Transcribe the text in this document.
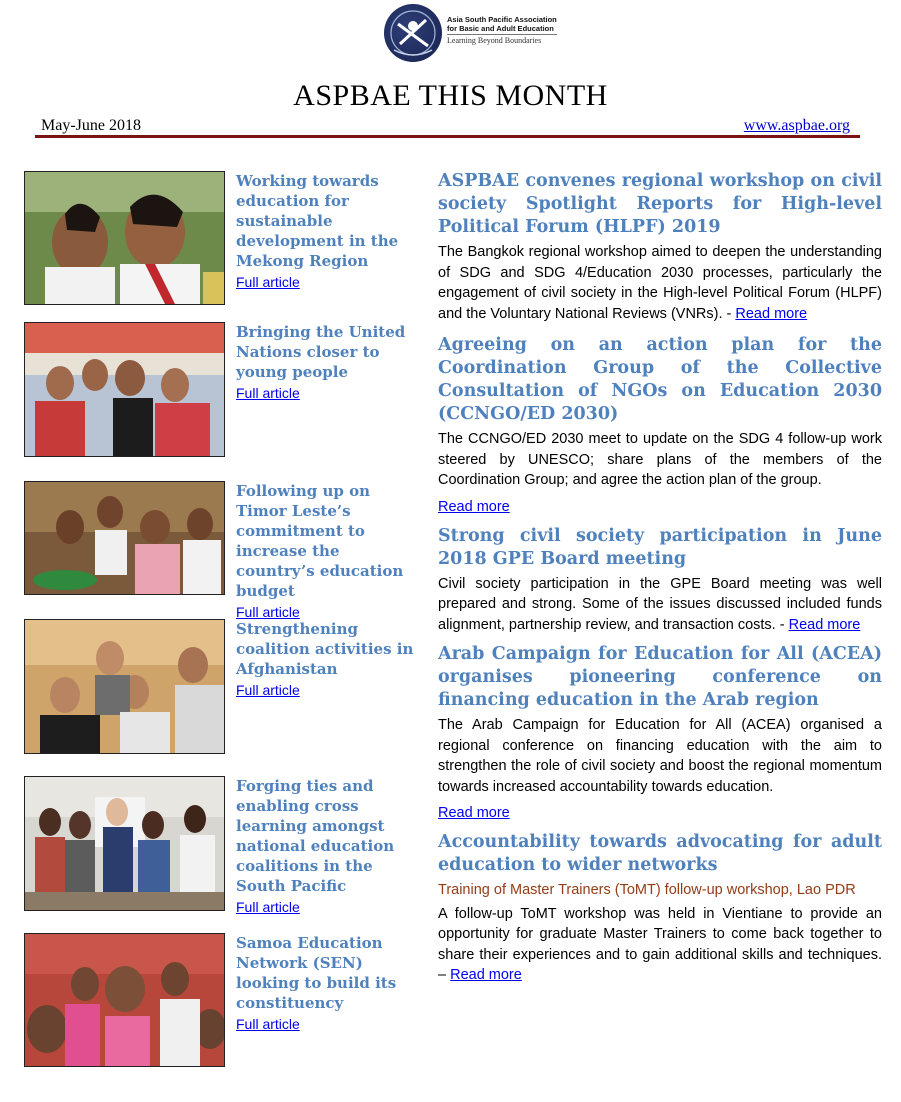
Asia South Pacific Association
for Basic and Adult Education
Learning Beyond Boundaries
ASPBAE THIS MONTH
May-June 2018	www.aspbae.org
Working towards education for sustainable development in the Mekong Region
Full article
Bringing the United Nations closer to young people
Full article
Following up on Timor Leste’s commitment to increase the country’s education budget
Full article
Strengthening coalition activities in Afghanistan
Full article
Forging ties and enabling cross learning amongst national education coalitions in the South Pacific
Full article
Samoa Education Network (SEN) looking to build its constituency
Full article
ASPBAE convenes regional workshop on civil society Spotlight Reports for High-level Political Forum (HLPF) 2019
The Bangkok regional workshop aimed to deepen the understanding of SDG and SDG 4/Education 2030 processes, particularly the engagement of civil society in the High-level Political Forum (HLPF) and the Voluntary National Reviews (VNRs). - Read more
Agreeing on an action plan for the Coordination Group of the Collective Consultation of NGOs on Education 2030 (CCNGO/ED 2030)
The CCNGO/ED 2030 meet to update on the SDG 4 follow-up work steered by UNESCO; share plans of the members of the Coordination Group; and agree the action plan of the group.
Read more
Strong civil society participation in June 2018 GPE Board meeting
Civil society participation in the GPE Board meeting was well prepared and strong. Some of the issues discussed included funds alignment, partnership review, and transaction costs. - Read more
Arab Campaign for Education for All (ACEA) organises pioneering conference on financing education in the Arab region
The Arab Campaign for Education for All (ACEA) organised a regional conference on financing education with the aim to strengthen the role of civil society and boost the regional momentum towards increased accountability towards education.
Read more
Accountability towards advocating for adult education to wider networks
Training of Master Trainers (ToMT) follow-up workshop, Lao PDR
A follow-up ToMT workshop was held in Vientiane to provide an opportunity for graduate Master Trainers to come back together to share their experiences and to gain additional skills and techniques. – Read more
